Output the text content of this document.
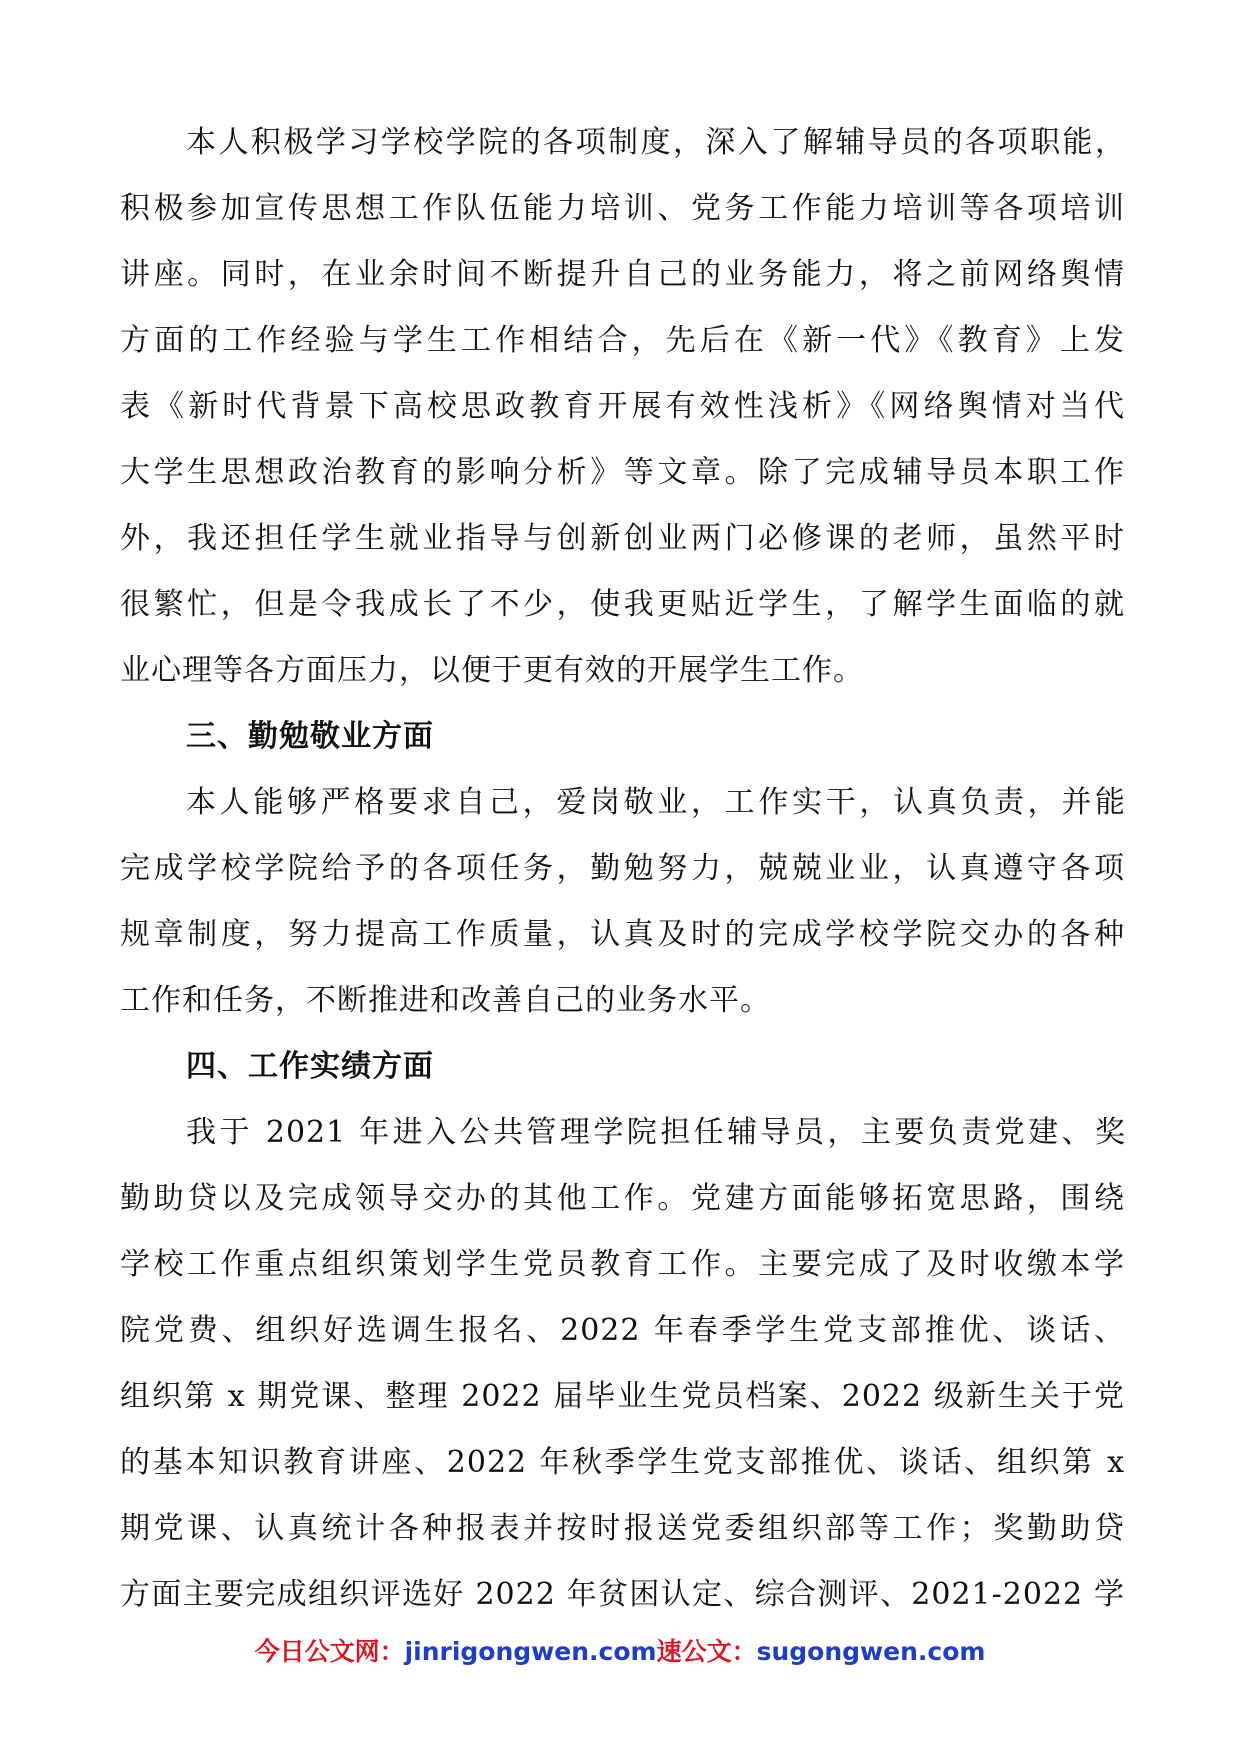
本人积极学习学校学院的各项制度，深入了解辅导员的各项职能，
积极参加宣传思想工作队伍能力培训、党务工作能力培训等各项培训
讲座。同时，在业余时间不断提升自己的业务能力，将之前网络舆情
方面的工作经验与学生工作相结合，先后在《新一代》《教育》上发
表《新时代背景下高校思政教育开展有效性浅析》《网络舆情对当代
大学生思想政治教育的影响分析》等文章。除了完成辅导员本职工作
外，我还担任学生就业指导与创新创业两门必修课的老师，虽然平时
很繁忙，但是令我成长了不少，使我更贴近学生，了解学生面临的就
业心理等各方面压力，以便于更有效的开展学生工作。
三、勤勉敬业方面
本人能够严格要求自己，爱岗敬业，工作实干，认真负责，并能
完成学校学院给予的各项任务，勤勉努力，兢兢业业，认真遵守各项
规章制度，努力提高工作质量，认真及时的完成学校学院交办的各种
工作和任务，不断推进和改善自己的业务水平。
四、工作实绩方面
我于 2021 年进入公共管理学院担任辅导员，主要负责党建、奖
勤助贷以及完成领导交办的其他工作。党建方面能够拓宽思路，围绕
学校工作重点组织策划学生党员教育工作。主要完成了及时收缴本学
院党费、组织好选调生报名、2022 年春季学生党支部推优、谈话、
组织第 x 期党课、整理 2022 届毕业生党员档案、2022 级新生关于党
的基本知识教育讲座、2022 年秋季学生党支部推优、谈话、组织第 x
期党课、认真统计各种报表并按时报送党委组织部等工作；奖勤助贷
方面主要完成组织评选好 2022 年贫困认定、综合测评、2021-2022 学
今日公文网：jinrigongwen.com速公文：sugongwen.com
